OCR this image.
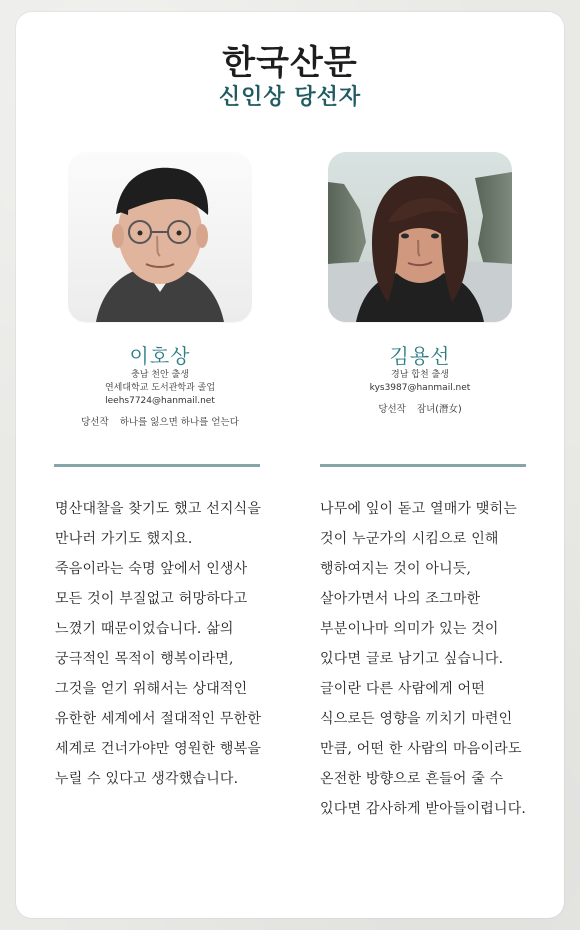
한국산문
신인상 당선자
이호상
충남 천안 출생
연세대학교 도서관학과 졸업
leehs7724@hanmail.net
당선작 하나를 잃으면 하나를 얻는다
김용선
경남 합천 출생
kys3987@hanmail.net
당선작 잠녀(潛女)
명산대찰을 찾기도 했고 선지식을 만나러 가기도 했지요. 죽음이라는 숙명 앞에서 인생사 모든 것이 부질없고 허망하다고 느꼈기 때문이었습니다. 삶의 궁극적인 목적이 행복이라면, 그것을 얻기 위해서는 상대적인 유한한 세계에서 절대적인 무한한 세계로 건너가야만 영원한 행복을 누릴 수 있다고 생각했습니다.
나무에 잎이 돋고 열매가 맺히는 것이 누군가의 시킴으로 인해 행하여지는 것이 아니듯, 살아가면서 나의 조그마한 부분이나마 의미가 있는 것이 있다면 글로 남기고 싶습니다. 글이란 다른 사람에게 어떤 식으로든 영향을 끼치기 마련인 만큼, 어떤 한 사람의 마음이라도 온전한 방향으로 흔들어 줄 수 있다면 감사하게 받아들이렵니다.
